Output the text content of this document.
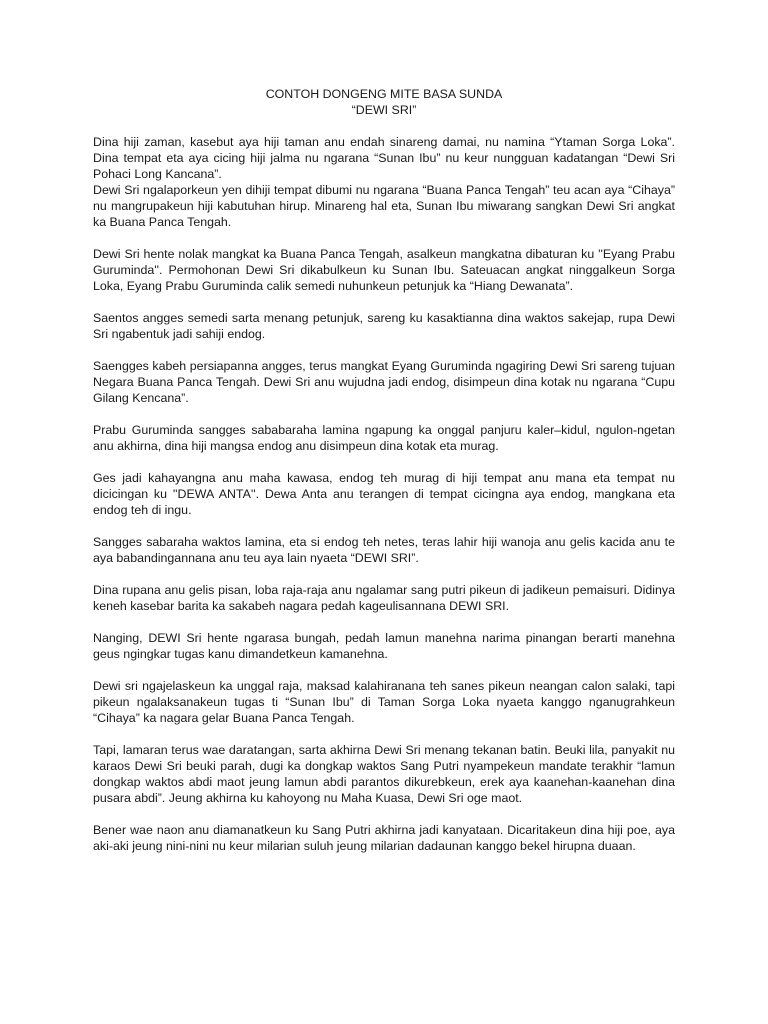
CONTOH DONGENG MITE BASA SUNDA
“DEWI SRI”

Dina hiji zaman, kasebut aya hiji taman anu endah sinareng damai, nu namina “Ytaman Sorga Loka”. Dina tempat eta aya cicing hiji jalma nu ngarana “Sunan Ibu” nu keur nungguan kadatangan “Dewi Sri Pohaci Long Kancana”.
Dewi Sri ngalaporkeun yen dihiji tempat dibumi nu ngarana “Buana Panca Tengah” teu acan aya “Cihaya” nu mangrupakeun hiji kabutuhan hirup. Minareng hal eta, Sunan Ibu miwarang sangkan Dewi Sri angkat ka Buana Panca Tengah.

Dewi Sri hente nolak mangkat ka Buana Panca Tengah, asalkeun mangkatna dibaturan ku ''Eyang Prabu Guruminda''. Permohonan Dewi Sri dikabulkeun ku Sunan Ibu. Sateuacan angkat ninggalkeun Sorga Loka, Eyang Prabu Guruminda calik semedi nuhunkeun petunjuk ka “Hiang Dewanata”.

Saentos angges semedi sarta menang petunjuk, sareng ku kasaktianna dina waktos sakejap, rupa Dewi Sri ngabentuk jadi sahiji endog.

Saengges kabeh persiapanna angges, terus mangkat Eyang Guruminda ngagiring Dewi Sri sareng tujuan Negara Buana Panca Tengah. Dewi Sri anu wujudna jadi endog, disimpeun dina kotak nu ngarana “Cupu Gilang Kencana”.

Prabu Guruminda sangges sababaraha lamina ngapung ka onggal panjuru kaler–kidul, ngulon-ngetan anu akhirna, dina hiji mangsa endog anu disimpeun dina kotak eta murag.

Ges jadi kahayangna anu maha kawasa, endog teh murag di hiji tempat anu mana eta tempat nu dicicingan ku ''DEWA ANTA''. Dewa Anta anu terangen di tempat cicingna aya endog, mangkana eta endog teh di ingu.

Sangges sabaraha waktos lamina, eta si endog teh netes, teras lahir hiji wanoja anu gelis kacida anu te aya babandingannana anu teu aya lain nyaeta “DEWI SRI”.

Dina rupana anu gelis pisan, loba raja-raja anu ngalamar sang putri pikeun di jadikeun pemaisuri. Didinya keneh kasebar barita ka sakabeh nagara pedah kageulisannana DEWI SRI.

Nanging, DEWI Sri hente ngarasa bungah, pedah lamun manehna narima pinangan berarti manehna geus ngingkar tugas kanu dimandetkeun kamanehna.

Dewi sri ngajelaskeun ka unggal raja, maksad kalahiranana teh sanes pikeun neangan calon salaki, tapi pikeun ngalaksanakeun tugas ti “Sunan Ibu” di Taman Sorga Loka nyaeta kanggo nganugrahkeun “Cihaya” ka nagara gelar Buana Panca Tengah.

Tapi, lamaran terus wae daratangan, sarta akhirna Dewi Sri menang tekanan batin. Beuki lila, panyakit nu karaos Dewi Sri beuki parah, dugi ka dongkap waktos Sang Putri nyampekeun mandate terakhir “lamun dongkap waktos abdi maot jeung lamun abdi parantos dikurebkeun, erek aya kaanehan-kaanehan dina pusara abdi”. Jeung akhirna ku kahoyong nu Maha Kuasa, Dewi Sri oge maot.

Bener wae naon anu diamanatkeun ku Sang Putri akhirna jadi kanyataan. Dicaritakeun dina hiji poe, aya aki-aki jeung nini-nini nu keur milarian suluh jeung milarian dadaunan kanggo bekel hirupna duaan.
